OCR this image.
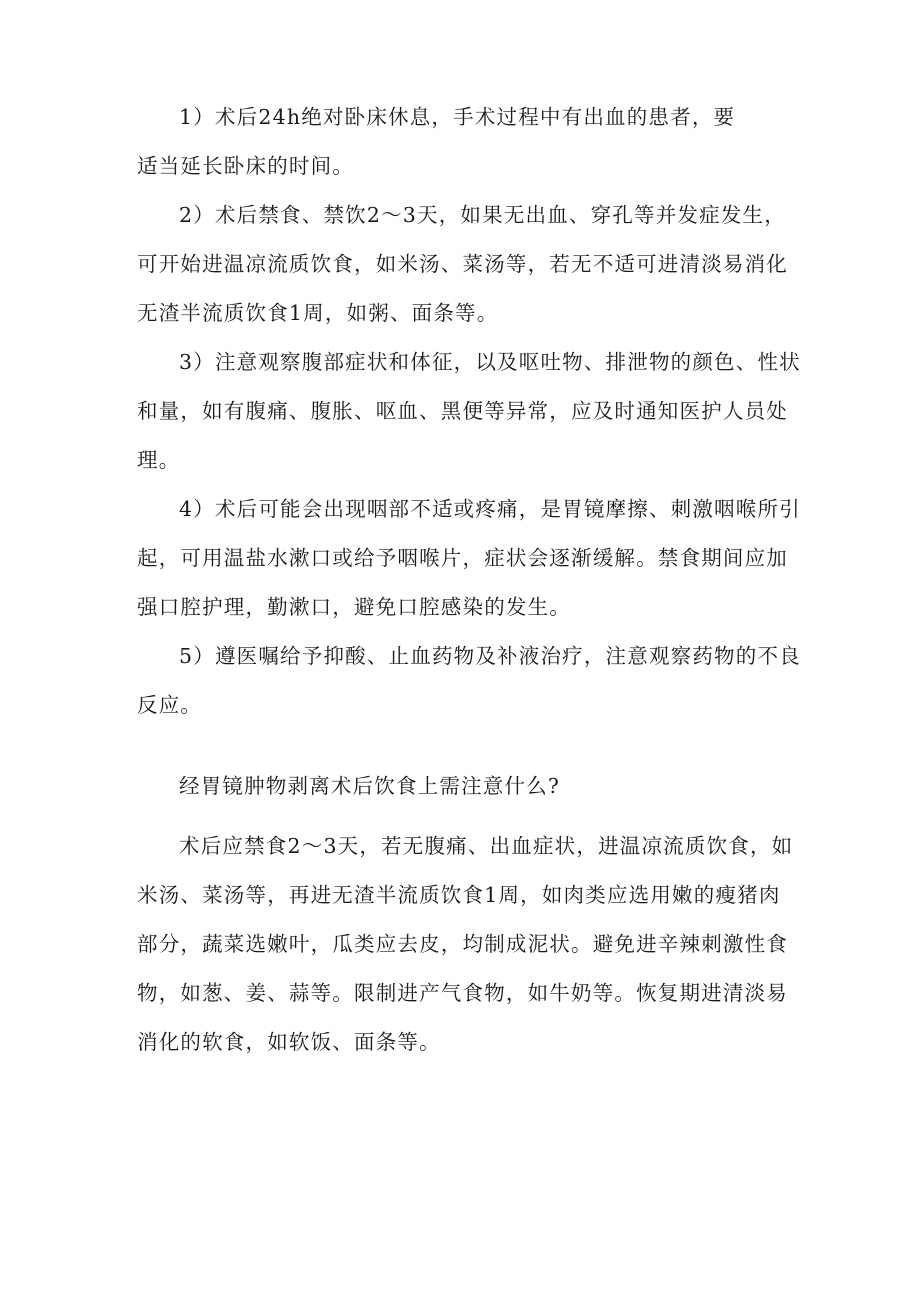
1）术后24h绝对卧床休息，手术过程中有出血的患者，要
适当延长卧床的时间。

2）术后禁食、禁饮2～3天，如果无出血、穿孔等并发症发生，
可开始进温凉流质饮食，如米汤、菜汤等，若无不适可进清淡易消化
无渣半流质饮食1周，如粥、面条等。

3）注意观察腹部症状和体征，以及呕吐物、排泄物的颜色、性状
和量，如有腹痛、腹胀、呕血、黑便等异常，应及时通知医护人员处
理。

4）术后可能会出现咽部不适或疼痛，是胃镜摩擦、刺激咽喉所引
起，可用温盐水漱口或给予咽喉片，症状会逐渐缓解。禁食期间应加
强口腔护理，勤漱口，避免口腔感染的发生。

5）遵医嘱给予抑酸、止血药物及补液治疗，注意观察药物的不良
反应。

经胃镜肿物剥离术后饮食上需注意什么?

术后应禁食2～3天，若无腹痛、出血症状，进温凉流质饮食，如
米汤、菜汤等，再进无渣半流质饮食1周，如肉类应选用嫩的瘦猪肉
部分，蔬菜选嫩叶，瓜类应去皮，均制成泥状。避免进辛辣刺激性食
物，如葱、姜、蒜等。限制进产气食物，如牛奶等。恢复期进清淡易
消化的软食，如软饭、面条等。
